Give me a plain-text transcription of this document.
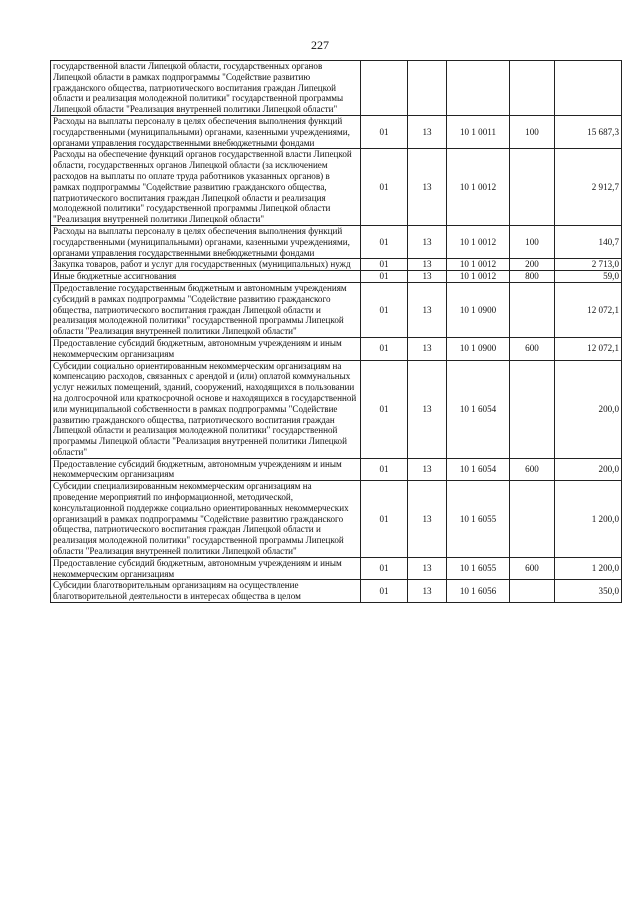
227
государственной власти Липецкой области, государственных органов Липецкой области в рамках подпрограммы "Содействие развитию гражданского общества, патриотического воспитания граждан Липецкой области и реализация молодежной политики" государственной программы Липецкой области "Реализация внутренней политики Липецкой области"					
Расходы на выплаты персоналу в целях обеспечения выполнения функций государственными (муниципальными) органами, казенными учреждениями, органами управления государственными внебюджетными фондами	01	13	10 1 0011	100	15 687,3
Расходы на обеспечение функций органов государственной власти Липецкой области, государственных органов Липецкой области (за исключением расходов на выплаты по оплате труда работников указанных органов) в рамках подпрограммы "Содействие развитию гражданского общества, патриотического воспитания граждан Липецкой области и реализация молодежной политики" государственной программы Липецкой области "Реализация внутренней политики Липецкой области"	01	13	10 1 0012		2 912,7
Расходы на выплаты персоналу в целях обеспечения выполнения функций государственными (муниципальными) органами, казенными учреждениями, органами управления государственными внебюджетными фондами	01	13	10 1 0012	100	140,7
Закупка товаров, работ и услуг для государственных (муниципальных) нужд	01	13	10 1 0012	200	2 713,0
Иные бюджетные ассигнования	01	13	10 1 0012	800	59,0
Предоставление государственным бюджетным и автономным учреждениям субсидий в рамках подпрограммы "Содействие развитию гражданского общества, патриотического воспитания граждан Липецкой области и реализация молодежной политики" государственной программы Липецкой области "Реализация внутренней политики Липецкой области"	01	13	10 1 0900		12 072,1
Предоставление субсидий бюджетным, автономным учреждениям и иным некоммерческим организациям	01	13	10 1 0900	600	12 072,1
Субсидии социально ориентированным некоммерческим организациям на компенсацию расходов, связанных с арендой и (или) оплатой коммунальных услуг нежилых помещений, зданий, сооружений, находящихся в пользовании на долгосрочной или краткосрочной основе и находящихся в государственной или муниципальной собственности в рамках подпрограммы "Содействие развитию гражданского общества, патриотического воспитания граждан Липецкой области и реализация молодежной политики" государственной программы Липецкой области "Реализация внутренней политики Липецкой области"	01	13	10 1 6054		200,0
Предоставление субсидий бюджетным, автономным учреждениям и иным некоммерческим организациям	01	13	10 1 6054	600	200,0
Субсидии специализированным некоммерческим организациям на проведение мероприятий по информационной, методической, консультационной поддержке социально ориентированных некоммерческих организаций в рамках подпрограммы "Содействие развитию гражданского общества, патриотического воспитания граждан Липецкой области и реализация молодежной политики" государственной программы Липецкой области "Реализация внутренней политики Липецкой области"	01	13	10 1 6055		1 200,0
Предоставление субсидий бюджетным, автономным учреждениям и иным некоммерческим организациям	01	13	10 1 6055	600	1 200,0
Субсидии благотворительным организациям на осуществление благотворительной деятельности в интересах общества в целом	01	13	10 1 6056		350,0
